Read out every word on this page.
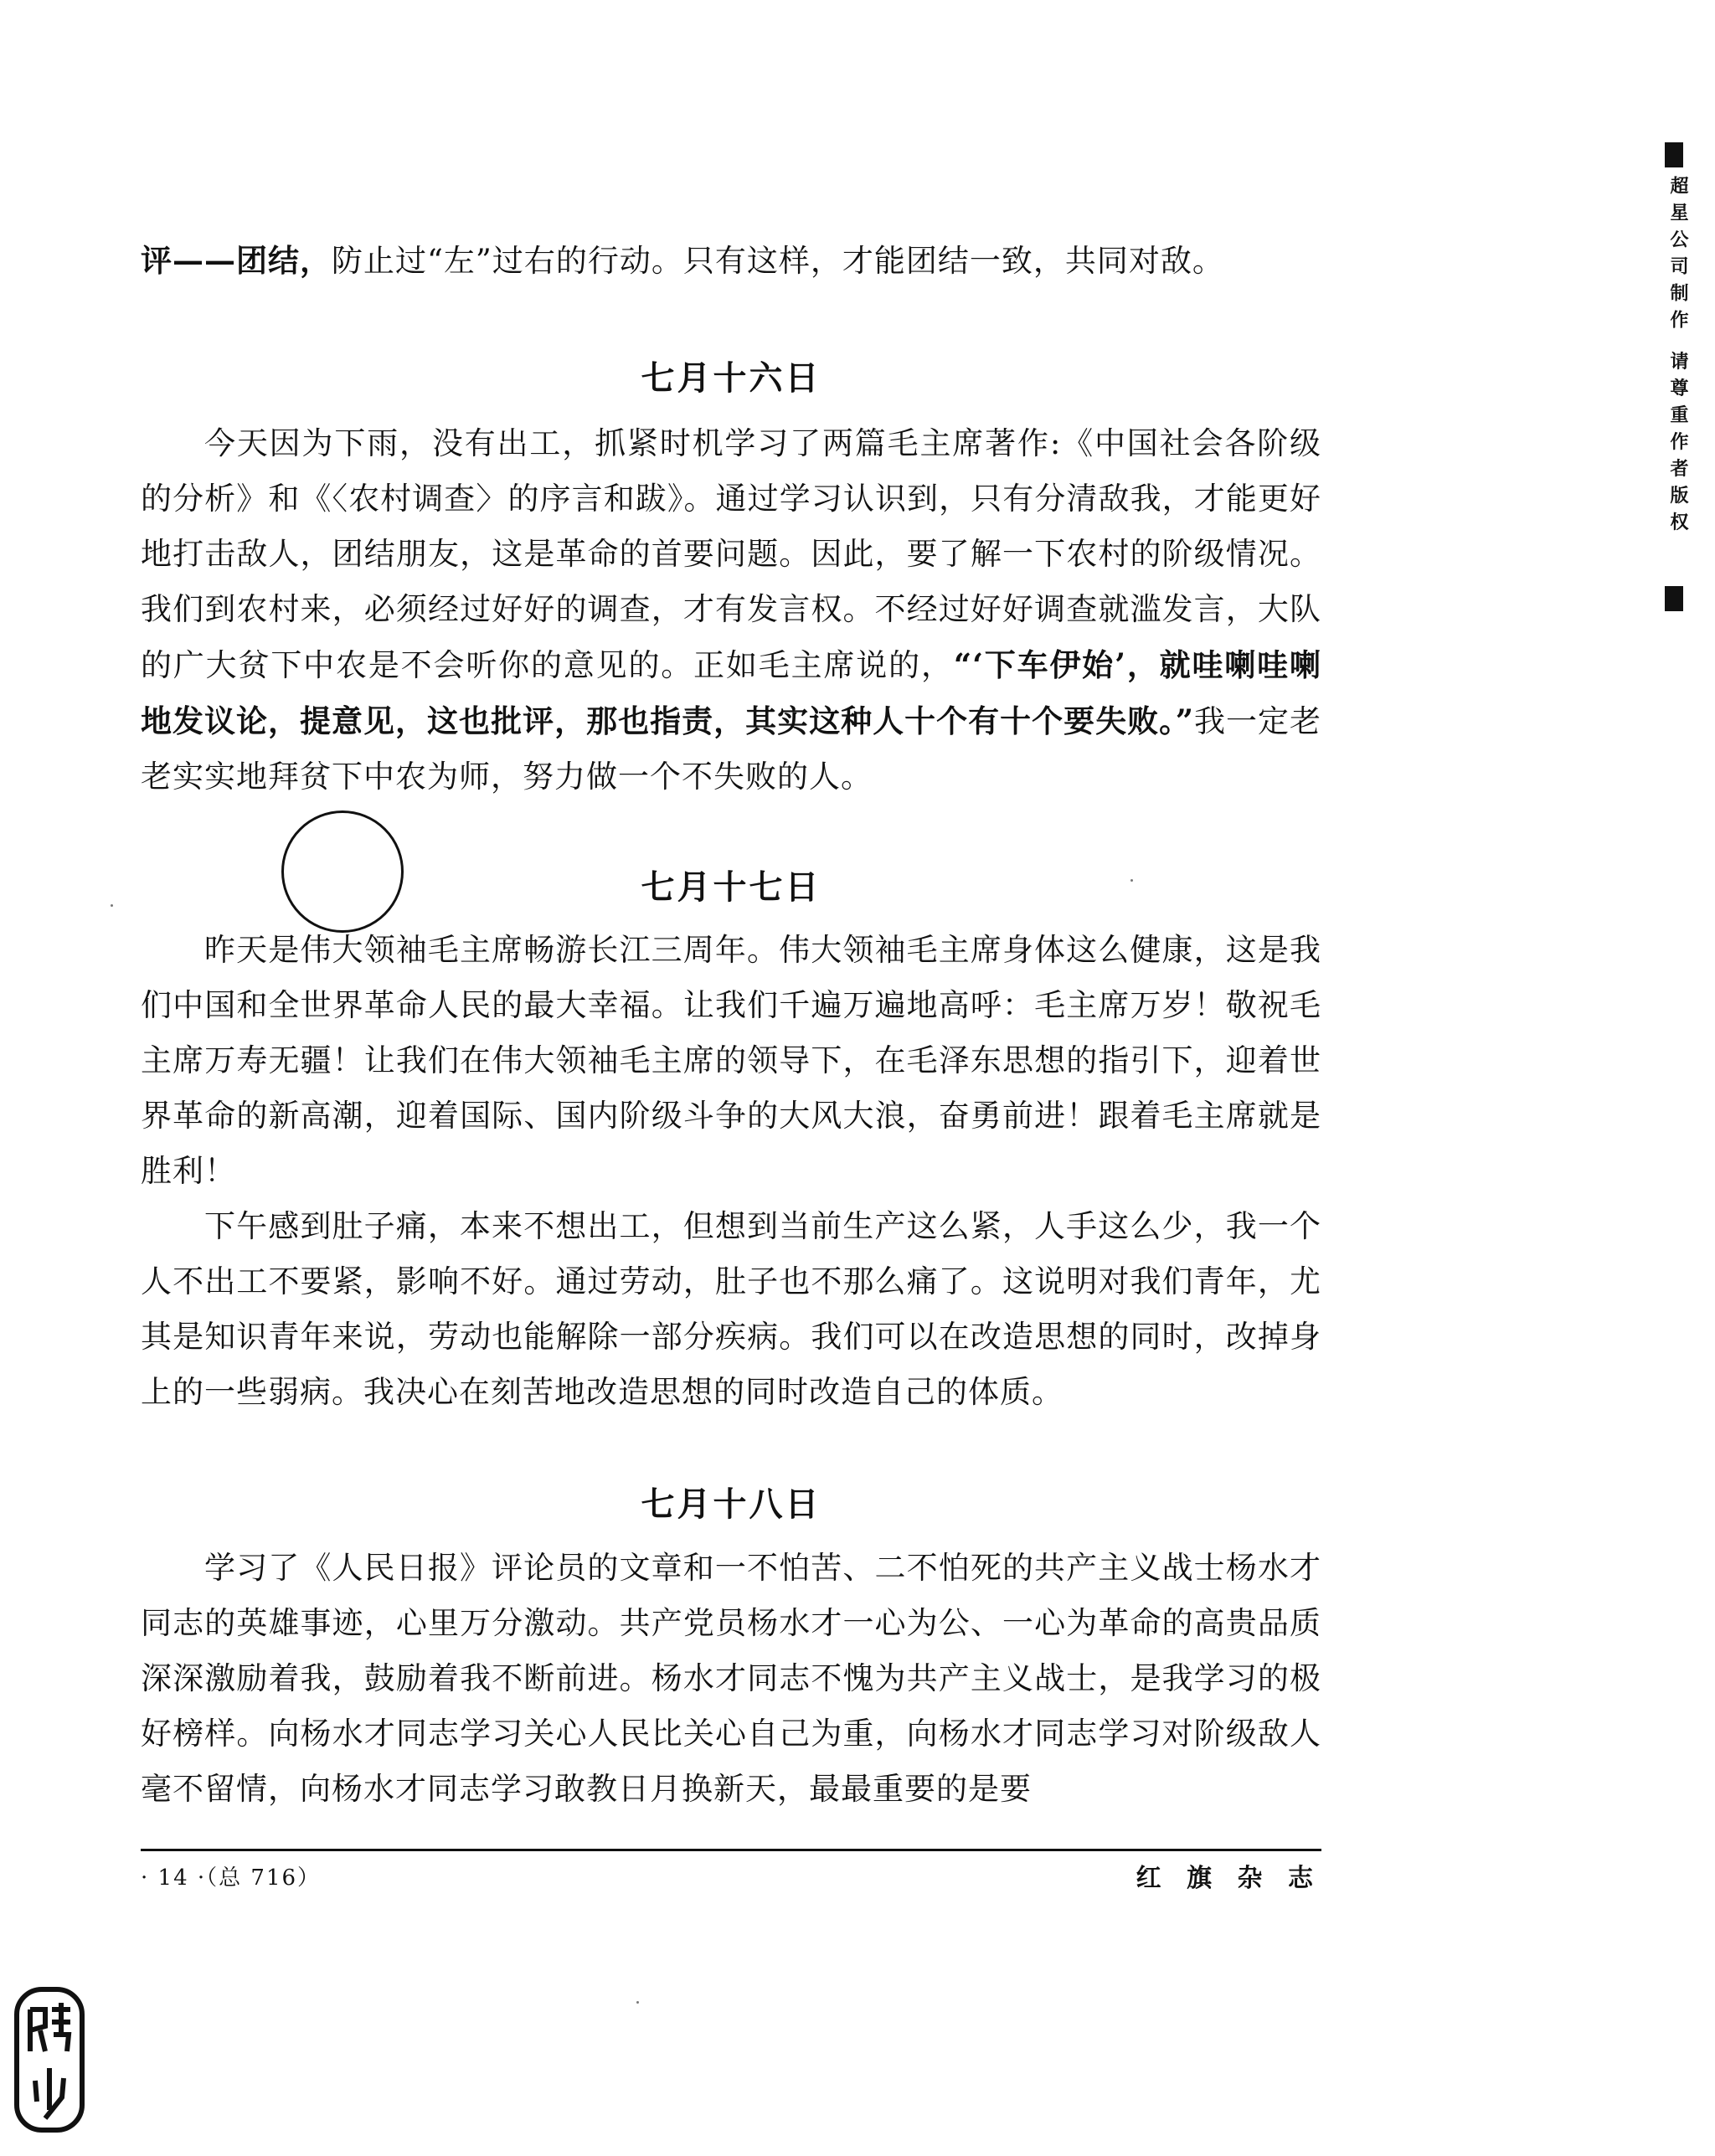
评——团结，防止过“左”过右的行动。只有这样，才能团结一致，共同对敌。

七月十六日

今天因为下雨，没有出工，抓紧时机学习了两篇毛主席著作:《中国社会各阶级的分析》和《〈农村调查〉的序言和跋》。通过学习认识到，只有分清敌我，才能更好地打击敌人，团结朋友，这是革命的首要问题。因此，要了解一下农村的阶级情况。我们到农村来，必须经过好好的调查，才有发言权。不经过好好调查就滥发言，大队的广大贫下中农是不会听你的意见的。正如毛主席说的，“‘下车伊始’，就哇喇哇喇地发议论，提意见，这也批评，那也指责，其实这种人十个有十个要失败。”我一定老老实实地拜贫下中农为师，努力做一个不失败的人。

七月十七日

昨天是伟大领袖毛主席畅游长江三周年。伟大领袖毛主席身体这么健康，这是我们中国和全世界革命人民的最大幸福。让我们千遍万遍地高呼：毛主席万岁！敬祝毛主席万寿无疆！让我们在伟大领袖毛主席的领导下，在毛泽东思想的指引下，迎着世界革命的新高潮，迎着国际、国内阶级斗争的大风大浪，奋勇前进！跟着毛主席就是胜利！

下午感到肚子痛，本来不想出工，但想到当前生产这么紧，人手这么少，我一个人不出工不要紧，影响不好。通过劳动，肚子也不那么痛了。这说明对我们青年，尤其是知识青年来说，劳动也能解除一部分疾病。我们可以在改造思想的同时，改掉身上的一些弱病。我决心在刻苦地改造思想的同时改造自己的体质。

七月十八日

学习了《人民日报》评论员的文章和一不怕苦、二不怕死的共产主义战士杨水才同志的英雄事迹，心里万分激动。共产党员杨水才一心为公、一心为革命的高贵品质深深激励着我，鼓励着我不断前进。杨水才同志不愧为共产主义战士，是我学习的极好榜样。向杨水才同志学习关心人民比关心自己为重，向杨水才同志学习对阶级敌人毫不留情，向杨水才同志学习敢教日月换新天，最最重要的是要

· 14 ·（总 716）	红 旗 杂 志
超星公司制作 请尊重作者版权
